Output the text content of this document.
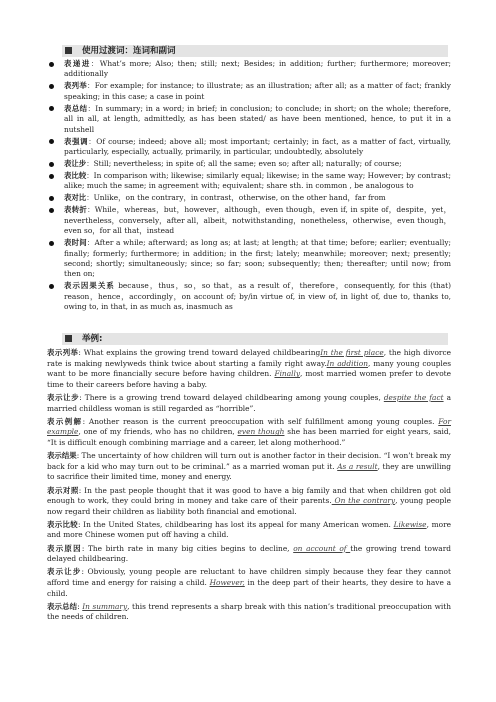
使用过渡词：连词和副词
表递进：What’s more; Also; then; still; next; Besides; in addition; further; furthermore; moreover; additionally
表列举：For example; for instance; to illustrate; as an illustration; after all; as a matter of fact; frankly speaking; in this case; a case in point
表总结：In summary; in a word; in brief; in conclusion; to conclude; in short; on the whole; therefore, all in all, at length, admittedly, as has been stated/ as have been mentioned, hence, to put it in a nutshell
表强调：Of course; indeed; above all; most important; certainly; in fact, as a matter of fact, virtually, particularly, especially, actually, primarily, in particular, undoubtedly, absolutely
表让步：Still; nevertheless; in spite of; all the same; even so; after all; naturally; of course;
表比较：In comparison with; likewise; similarly equal; likewise; in the same way; However; by contrast; alike; much the same; in agreement with; equivalent; share sth. in common , be analogous to
表对比：Unlike，on the contrary，in contrast，otherwise, on the other hand，far from
表转折：While，whereas，but，however，although，even though，even if, in spite of，despite，yet，nevertheless，conversely，after all，albeit，notwithstanding，nonetheless，otherwise，even though，even so，for all that，instead
表时间：After a while; afterward; as long as; at last; at length; at that time; before; earlier; eventually; finally; formerly; furthermore; in addition; in the first; lately; meanwhile; moreover; next; presently; second; shortly; simultaneously; since; so far; soon; subsequently; then; thereafter; until now; from then on;
表示因果关系 because，thus，so，so that，as a result of，therefore，consequently, for this (that) reason，hence，accordingly，on account of; by/in virtue of, in view of, in light of, due to, thanks to, owing to, in that, in as much as, inasmuch as
举例:

表示列举: What explains the growing trend toward delayed childbearingIn the first place, the high divorce rate is making newlyweds think twice about starting a family right away.In addition, many young couples want to be more financially secure before having children. Finally, most married women prefer to devote time to their careers before having a baby.

表示让步: There is a growing trend toward delayed childbearing among young couples, despite the fact a married childless woman is still regarded as “horrible”.

表示例解: Another reason is the current preoccupation with self fulfillment among young couples. For example, one of my friends, who has no children, even though she has been married for eight years, said, “It is difficult enough combining marriage and a career, let along motherhood.”

表示结果: The uncertainty of how children will turn out is another factor in their decision. “I won’t break my back for a kid who may turn out to be criminal.” as a married woman put it. As a result, they are unwilling to sacrifice their limited time, money and energy.

表示对照: In the past people thought that it was good to have a big family and that when children got old enough to work, they could bring in money and take care of their parents. On the contrary, young people now regard their children as liability both financial and emotional.

表示比较: In the United States, childbearing has lost its appeal for many American women. Likewise, more and more Chinese women put off having a child.

表示原因: The birth rate in many big cities begins to decline, on account of the growing trend toward delayed childbearing.

表示让步: Obviously, young people are reluctant to have children simply because they fear they cannot afford time and energy for raising a child. However, in the deep part of their hearts, they desire to have a child.

表示总结: In summary, this trend represents a sharp break with this nation’s traditional preoccupation with the needs of children.
